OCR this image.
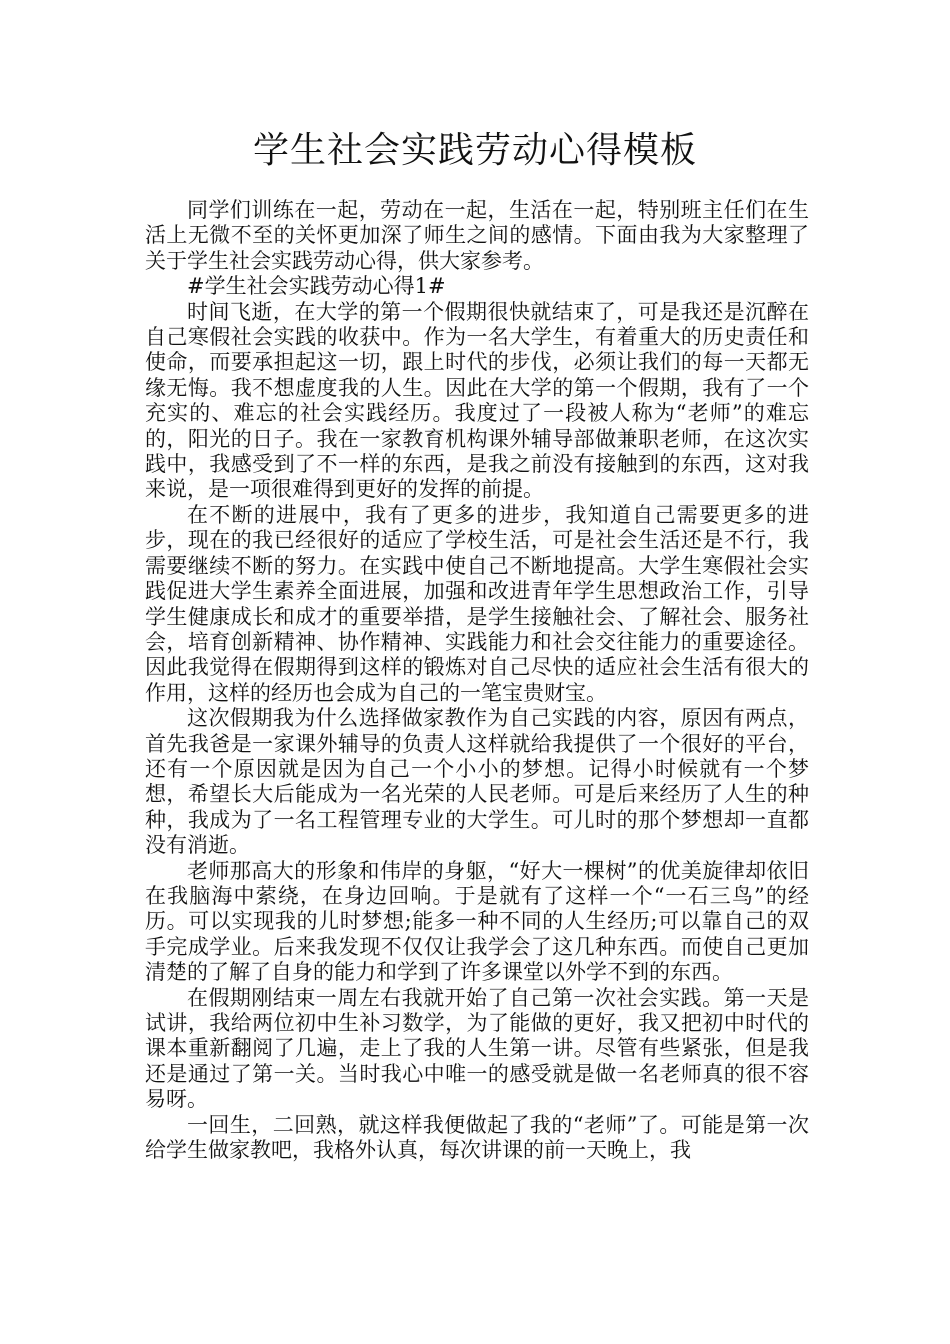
学生社会实践劳动心得模板

同学们训练在一起，劳动在一起，生活在一起，特别班主任们在生活上无微不至的关怀更加深了师生之间的感情。下面由我为大家整理了关于学生社会实践劳动心得，供大家参考。

#学生社会实践劳动心得1#

时间飞逝，在大学的第一个假期很快就结束了，可是我还是沉醉在自己寒假社会实践的收获中。作为一名大学生，有着重大的历史责任和使命，而要承担起这一切，跟上时代的步伐，必须让我们的每一天都无缘无悔。我不想虚度我的人生。因此在大学的第一个假期，我有了一个充实的、难忘的社会实践经历。我度过了一段被人称为“老师”的难忘的，阳光的日子。我在一家教育机构课外辅导部做兼职老师，在这次实践中，我感受到了不一样的东西，是我之前没有接触到的东西，这对我来说，是一项很难得到更好的发挥的前提。

在不断的进展中，我有了更多的进步，我知道自己需要更多的进步，现在的我已经很好的适应了学校生活，可是社会生活还是不行，我需要继续不断的努力。在实践中使自己不断地提高。大学生寒假社会实践促进大学生素养全面进展，加强和改进青年学生思想政治工作，引导学生健康成长和成才的重要举措，是学生接触社会、了解社会、服务社会，培育创新精神、协作精神、实践能力和社会交往能力的重要途径。因此我觉得在假期得到这样的锻炼对自己尽快的适应社会生活有很大的作用，这样的经历也会成为自己的一笔宝贵财宝。

这次假期我为什么选择做家教作为自己实践的内容，原因有两点，首先我爸是一家课外辅导的负责人这样就给我提供了一个很好的平台，还有一个原因就是因为自己一个小小的梦想。记得小时候就有一个梦想，希望长大后能成为一名光荣的人民老师。可是后来经历了人生的种种，我成为了一名工程管理专业的大学生。可儿时的那个梦想却一直都没有消逝。

老师那高大的形象和伟岸的身躯，“好大一棵树”的优美旋律却依旧在我脑海中萦绕，在身边回响。于是就有了这样一个“一石三鸟”的经历。可以实现我的儿时梦想;能多一种不同的人生经历;可以靠自己的双手完成学业。后来我发现不仅仅让我学会了这几种东西。而使自己更加清楚的了解了自身的能力和学到了许多课堂以外学不到的东西。

在假期刚结束一周左右我就开始了自己第一次社会实践。第一天是试讲，我给两位初中生补习数学，为了能做的更好，我又把初中时代的课本重新翻阅了几遍，走上了我的人生第一讲。尽管有些紧张，但是我还是通过了第一关。当时我心中唯一的感受就是做一名老师真的很不容易呀。

一回生，二回熟，就这样我便做起了我的“老师”了。可能是第一次给学生做家教吧，我格外认真，每次讲课的前一天晚上，我
